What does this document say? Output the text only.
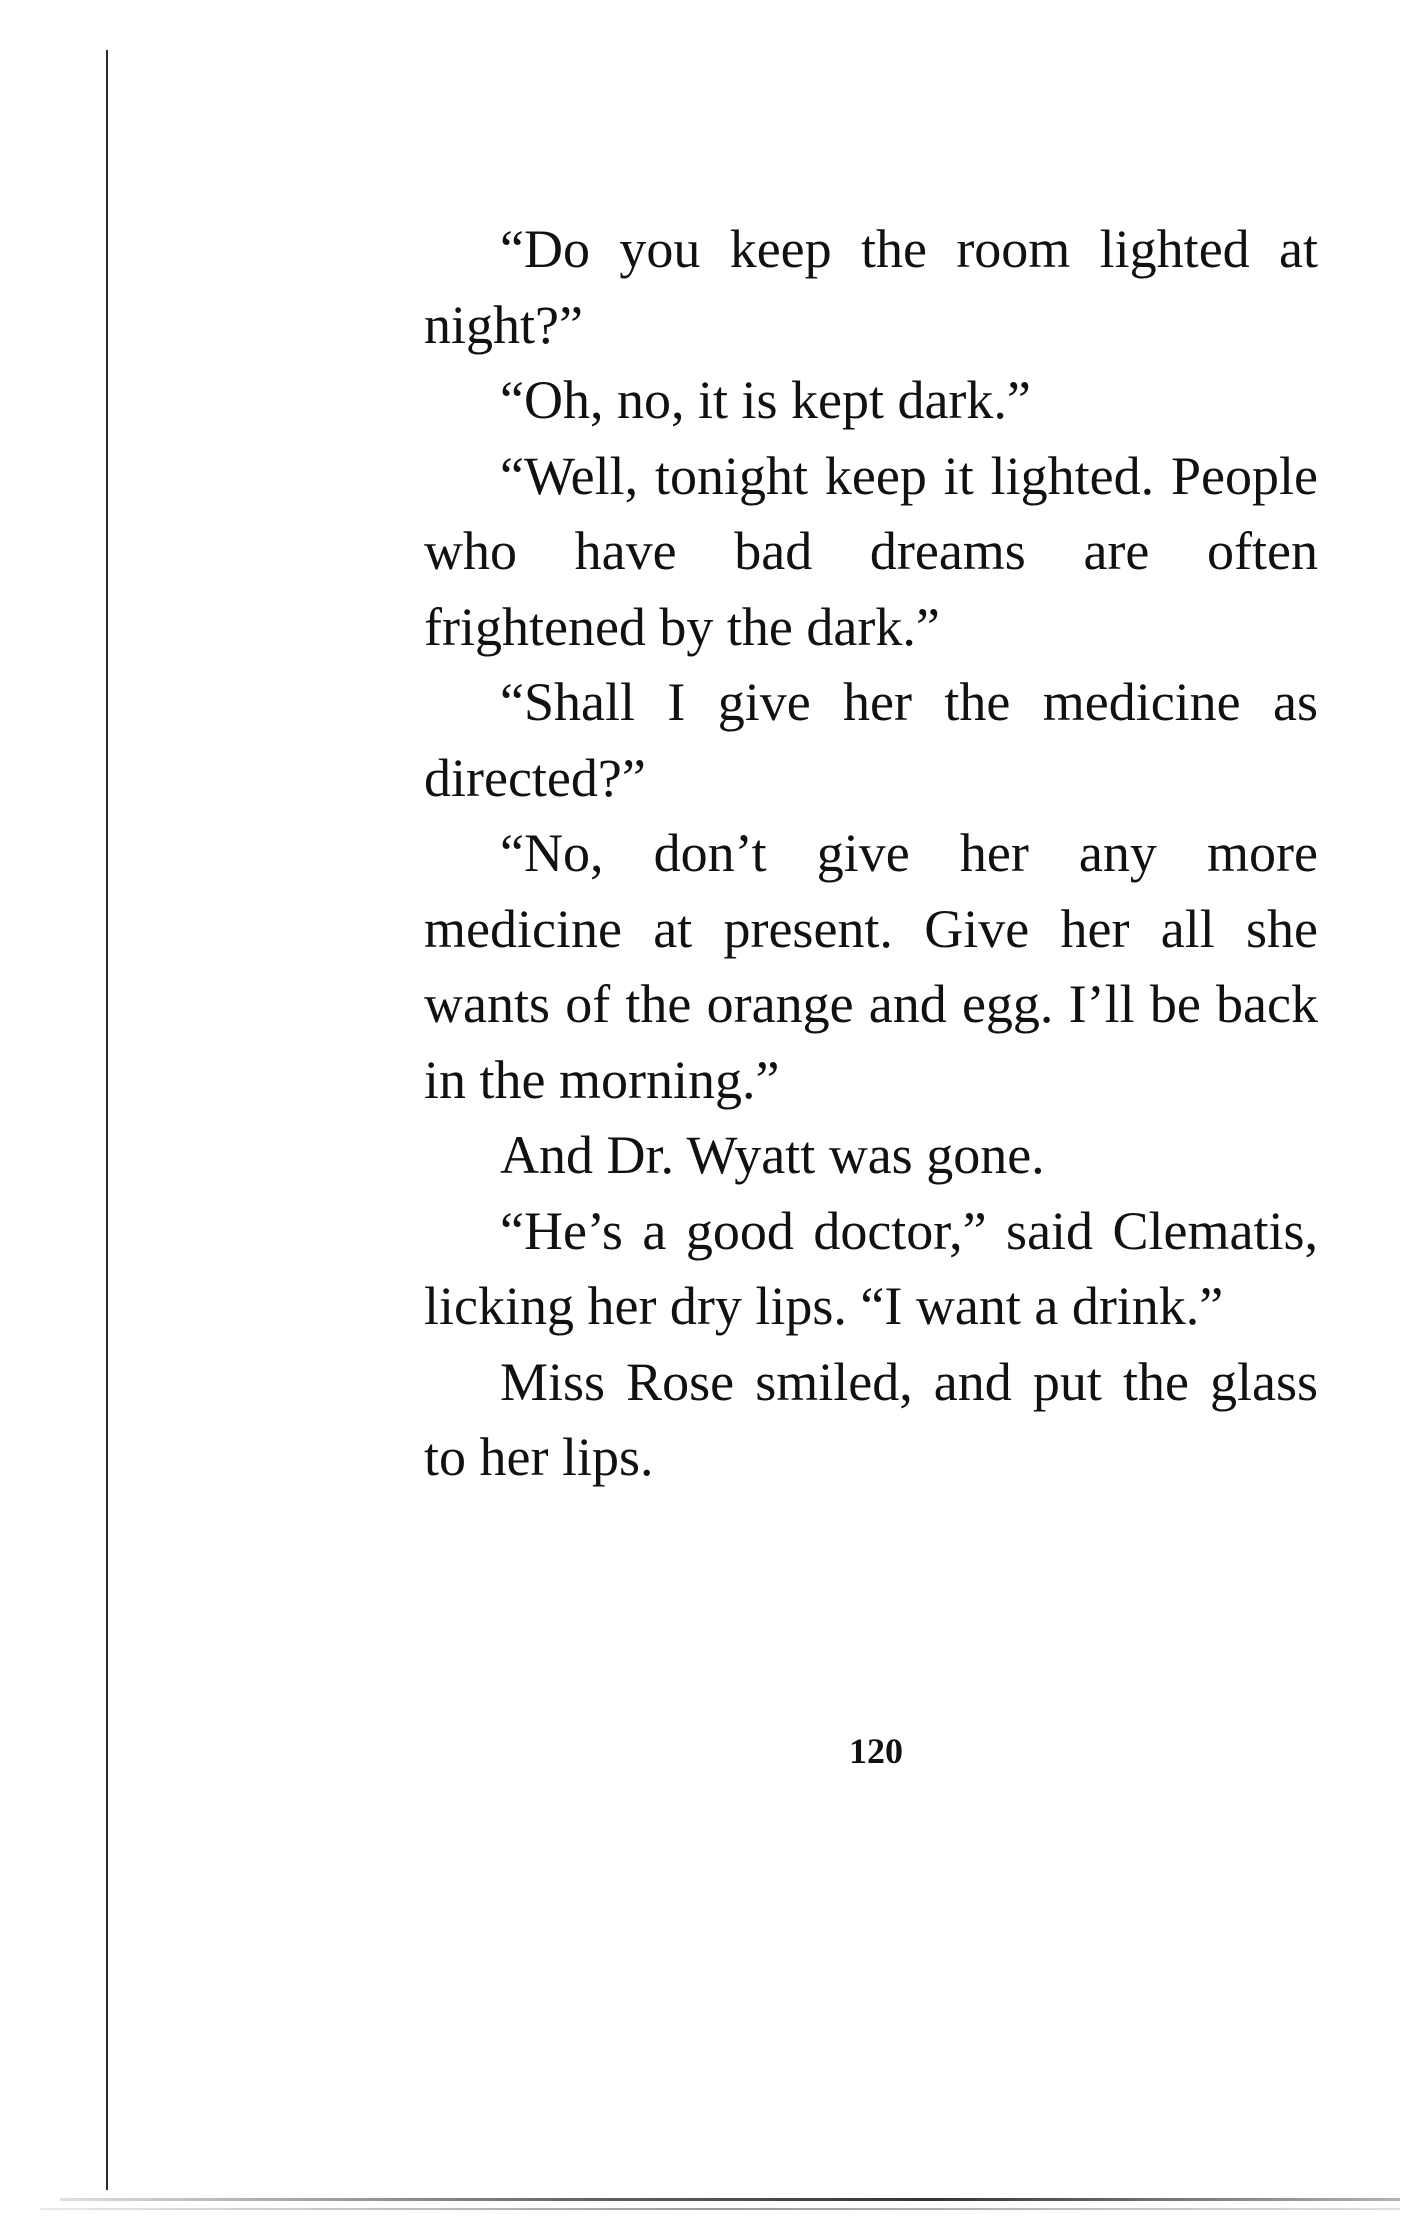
“Do you keep the room lighted at night?”

“Oh, no, it is kept dark.”

“Well, tonight keep it lighted. People who have bad dreams are often frightened by the dark.”

“Shall I give her the medicine as directed?”

“No, don’t give her any more medicine at present. Give her all she wants of the orange and egg. I’ll be back in the morning.”

And Dr. Wyatt was gone.

“He’s a good doctor,” said Clematis, licking her dry lips. “I want a drink.”

Miss Rose smiled, and put the glass to her lips.

120
